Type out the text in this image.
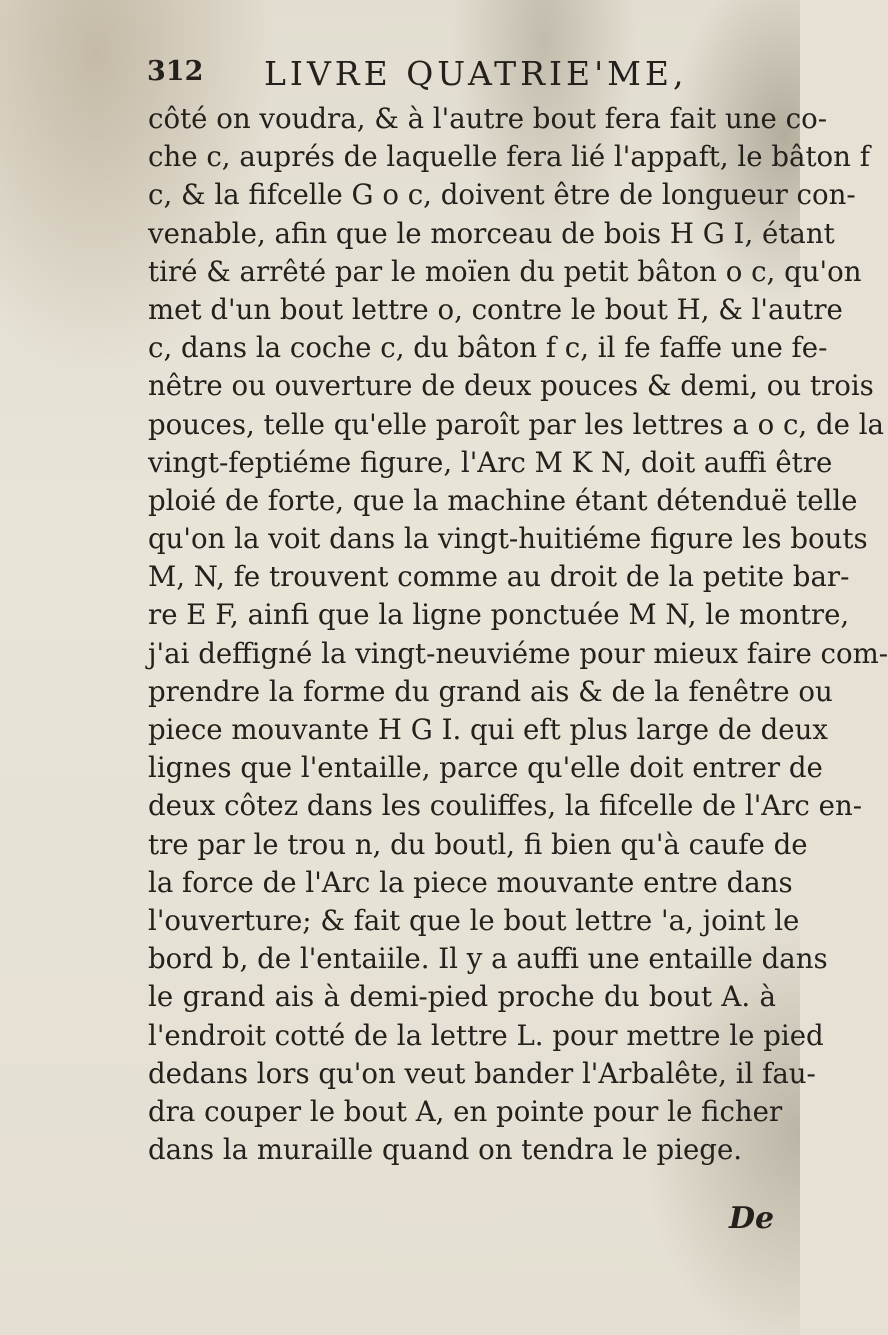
312 LIVRE QUATRIE'ME,
côté on voudra, & à l'autre bout fera fait une co-
che c, auprés de laquelle fera lié l'appaft, le bâton f
c, & la fifcelle G o c, doivent être de longueur con-
venable, afin que le morceau de bois H G I, étant
tiré & arrêté par le moïen du petit bâton o c, qu'on
met d'un bout lettre o, contre le bout H, & l'autre
c, dans la coche c, du bâton f c, il fe faffe une fe-
nêtre ou ouverture de deux pouces & demi, ou trois
pouces, telle qu'elle paroît par les lettres a o c, de la
vingt-feptiéme figure, l'Arc M K N, doit auffi être
ploié de forte, que la machine étant détenduë telle
qu'on la voit dans la vingt-huitiéme figure les bouts
M, N, fe trouvent comme au droit de la petite bar-
re E F, ainfi que la ligne ponctuée M N, le montre,
j'ai deffigné la vingt-neuviéme pour mieux faire com-
prendre la forme du grand ais & de la fenêtre ou
piece mouvante H G I. qui eft plus large de deux
lignes que l'entaille, parce qu'elle doit entrer de
deux côtez dans les couliffes, la fifcelle de l'Arc en-
tre par le trou n, du boutl, fi bien qu'à caufe de
la force de l'Arc la piece mouvante entre dans
l'ouverture; & fait que le bout lettre 'a, joint le
bord b, de l'entaiile. Il y a auffi une entaille dans
le grand ais à demi-pied proche du bout A. à
l'endroit cotté de la lettre L. pour mettre le pied
dedans lors qu'on veut bander l'Arbalête, il fau-
dra couper le bout A, en pointe pour le ficher
dans la muraille quand on tendra le piege.
De
